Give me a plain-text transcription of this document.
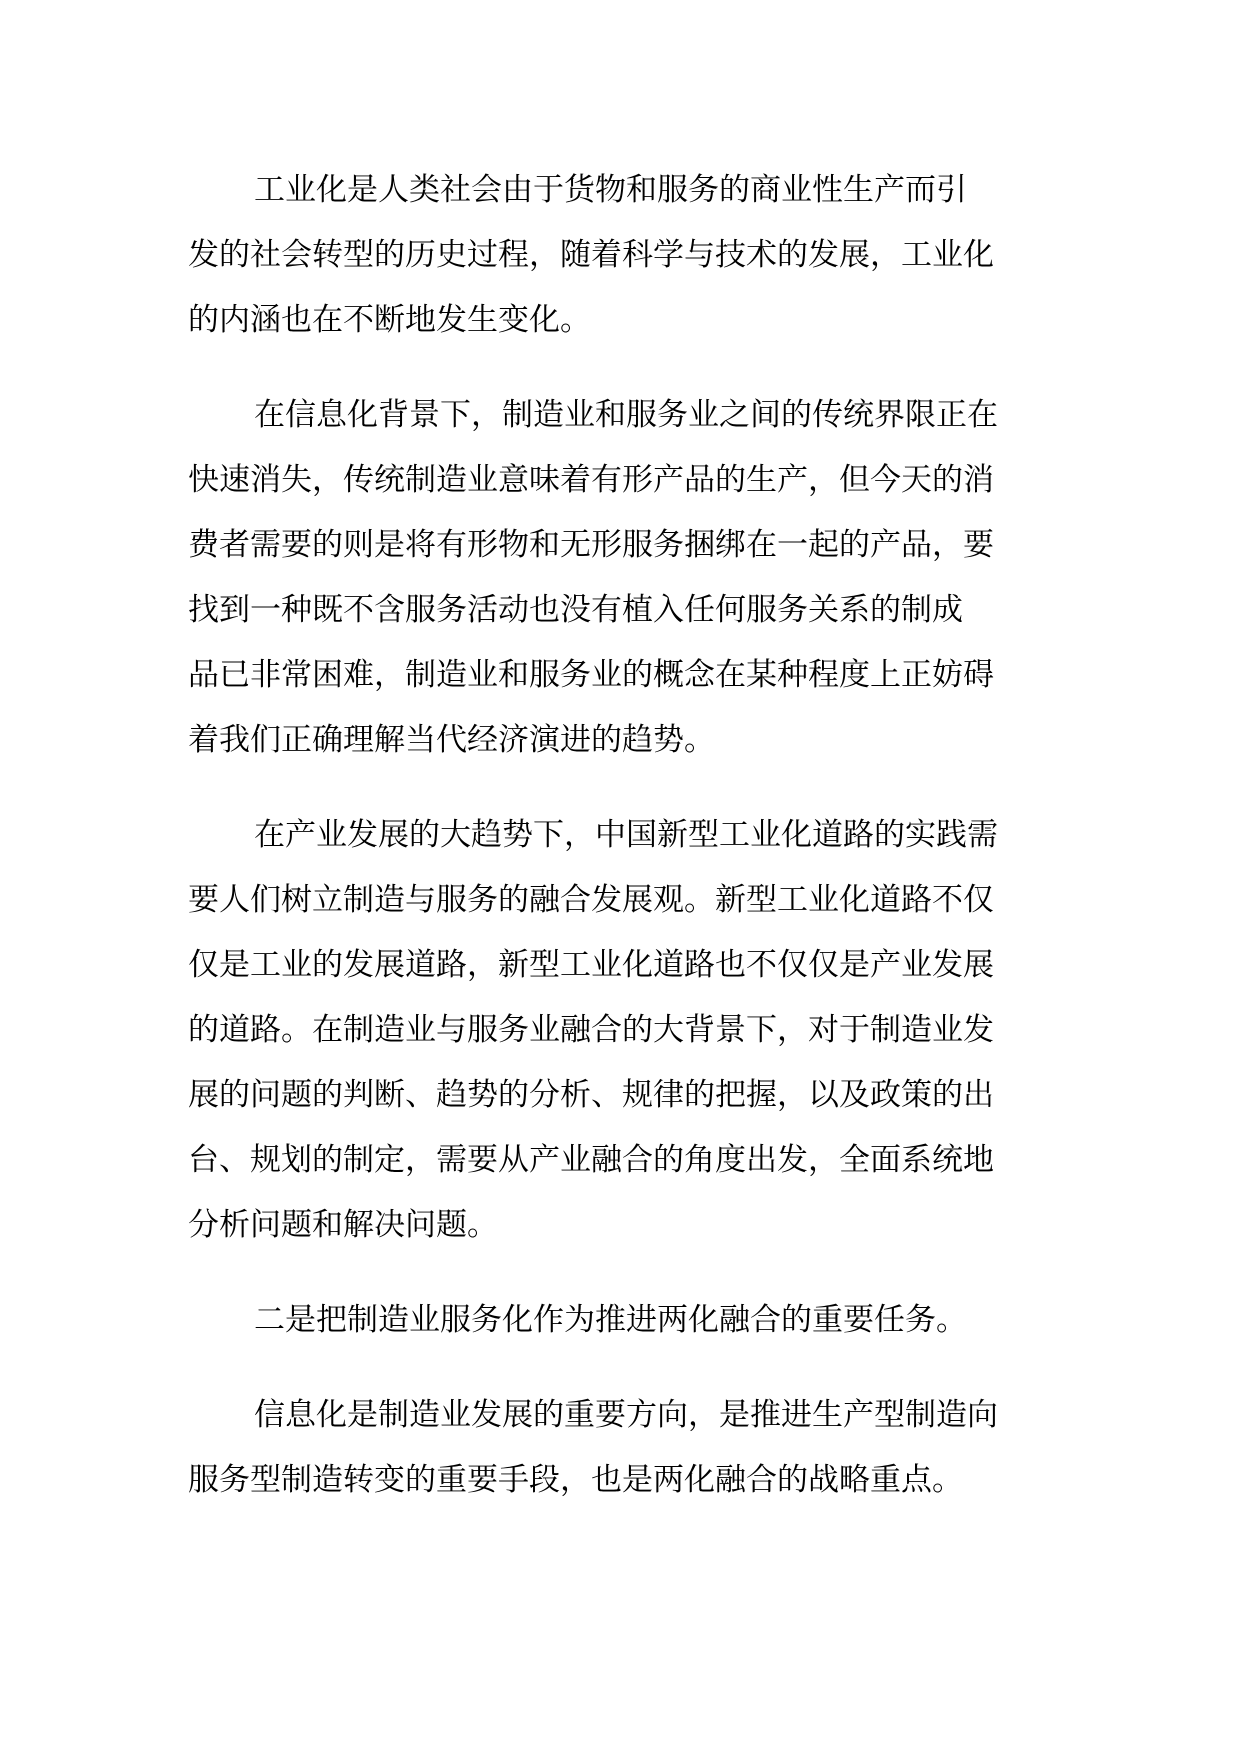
工业化是人类社会由于货物和服务的商业性生产而引
发的社会转型的历史过程，随着科学与技术的发展，工业化
的内涵也在不断地发生变化。

在信息化背景下，制造业和服务业之间的传统界限正在
快速消失，传统制造业意味着有形产品的生产，但今天的消
费者需要的则是将有形物和无形服务捆绑在一起的产品，要
找到一种既不含服务活动也没有植入任何服务关系的制成
品已非常困难，制造业和服务业的概念在某种程度上正妨碍
着我们正确理解当代经济演进的趋势。

在产业发展的大趋势下，中国新型工业化道路的实践需
要人们树立制造与服务的融合发展观。新型工业化道路不仅
仅是工业的发展道路，新型工业化道路也不仅仅是产业发展
的道路。在制造业与服务业融合的大背景下，对于制造业发
展的问题的判断、趋势的分析、规律的把握，以及政策的出
台、规划的制定，需要从产业融合的角度出发，全面系统地
分析问题和解决问题。

二是把制造业服务化作为推进两化融合的重要任务。

信息化是制造业发展的重要方向，是推进生产型制造向
服务型制造转变的重要手段，也是两化融合的战略重点。
